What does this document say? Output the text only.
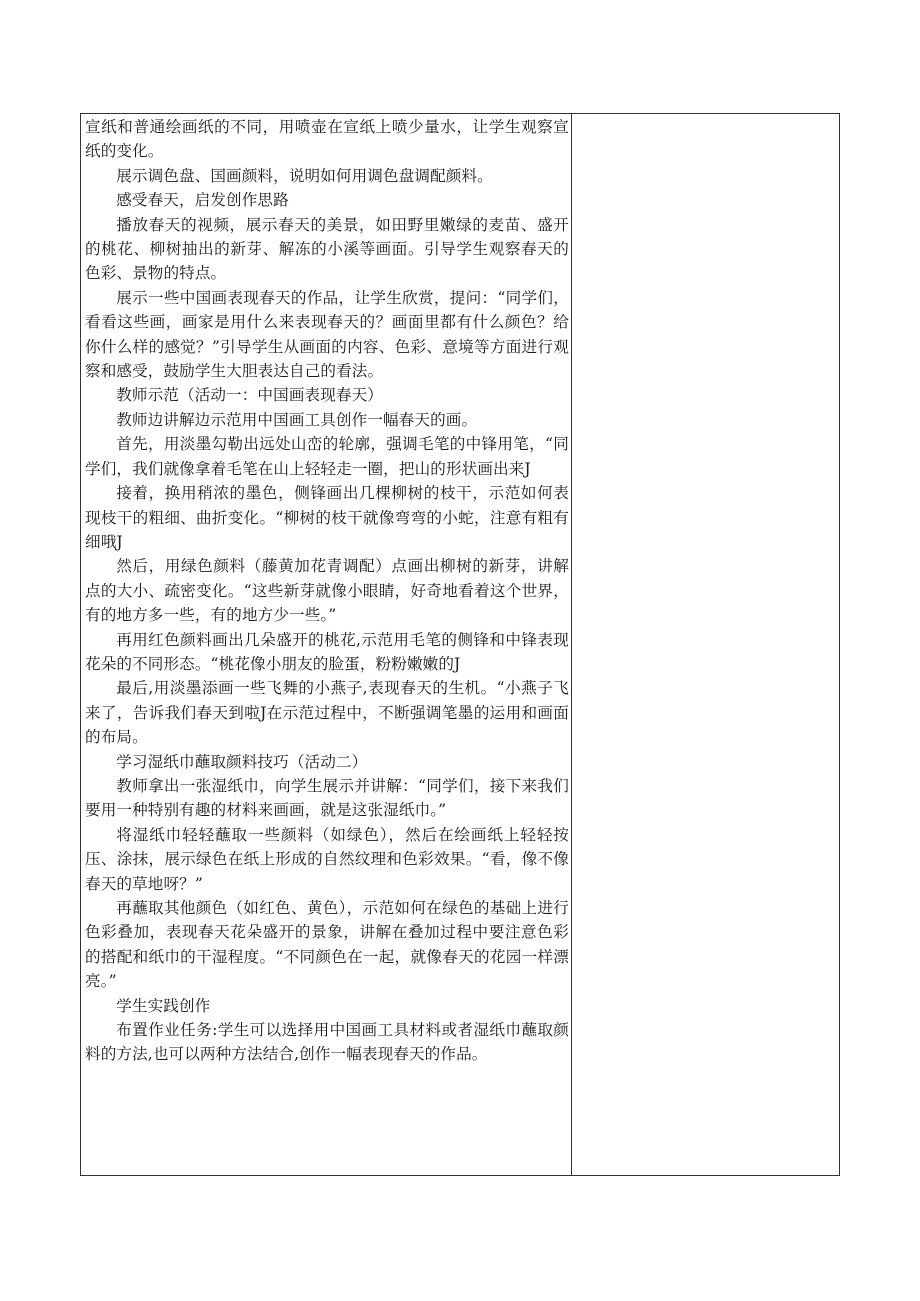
宣纸和普通绘画纸的不同，用喷壶在宣纸上喷少量水，让学生观察宣纸的变化。

展示调色盘、国画颜料，说明如何用调色盘调配颜料。

感受春天，启发创作思路

播放春天的视频，展示春天的美景，如田野里嫩绿的麦苗、盛开的桃花、柳树抽出的新芽、解冻的小溪等画面。引导学生观察春天的色彩、景物的特点。

展示一些中国画表现春天的作品，让学生欣赏，提问：“同学们，看看这些画，画家是用什么来表现春天的？画面里都有什么颜色？给你什么样的感觉？”引导学生从画面的内容、色彩、意境等方面进行观察和感受，鼓励学生大胆表达自己的看法。

教师示范（活动一：中国画表现春天）

教师边讲解边示范用中国画工具创作一幅春天的画。

首先，用淡墨勾勒出远处山峦的轮廓，强调毛笔的中锋用笔，“同学们，我们就像拿着毛笔在山上轻轻走一圈，把山的形状画出来J

接着，换用稍浓的墨色，侧锋画出几棵柳树的枝干，示范如何表现枝干的粗细、曲折变化。“柳树的枝干就像弯弯的小蛇，注意有粗有细哦J

然后，用绿色颜料（藤黄加花青调配）点画出柳树的新芽，讲解点的大小、疏密变化。“这些新芽就像小眼睛，好奇地看着这个世界，有的地方多一些，有的地方少一些。”

再用红色颜料画出几朵盛开的桃花,示范用毛笔的侧锋和中锋表现花朵的不同形态。“桃花像小朋友的脸蛋，粉粉嫩嫩的J

最后,用淡墨添画一些飞舞的小燕子,表现春天的生机。“小燕子飞来了，告诉我们春天到啦J在示范过程中，不断强调笔墨的运用和画面的布局。

学习湿纸巾蘸取颜料技巧（活动二）

教师拿出一张湿纸巾，向学生展示并讲解：“同学们，接下来我们要用一种特别有趣的材料来画画，就是这张湿纸巾。”

将湿纸巾轻轻蘸取一些颜料（如绿色），然后在绘画纸上轻轻按压、涂抹，展示绿色在纸上形成的自然纹理和色彩效果。“看，像不像春天的草地呀？”

再蘸取其他颜色（如红色、黄色），示范如何在绿色的基础上进行色彩叠加，表现春天花朵盛开的景象，讲解在叠加过程中要注意色彩的搭配和纸巾的干湿程度。“不同颜色在一起，就像春天的花园一样漂亮。”

学生实践创作

布置作业任务:学生可以选择用中国画工具材料或者湿纸巾蘸取颜料的方法,也可以两种方法结合,创作一幅表现春天的作品。
